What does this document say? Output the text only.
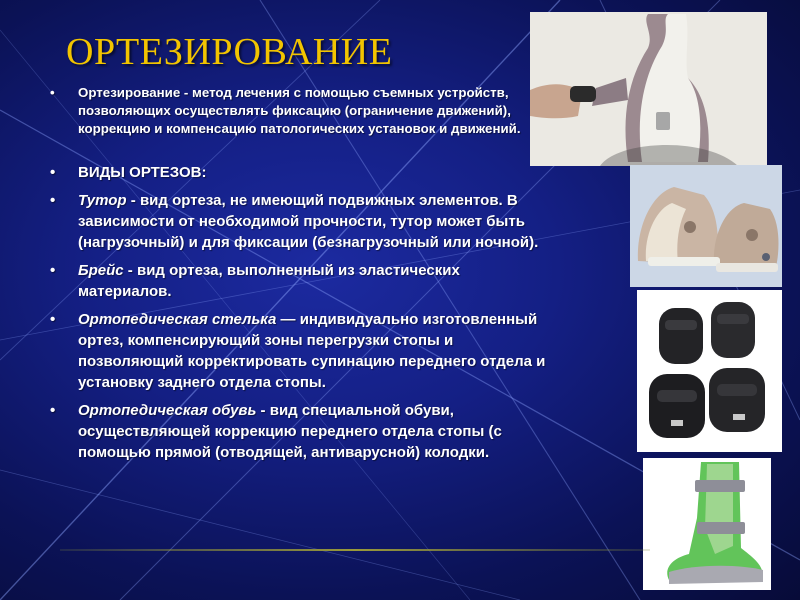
ОРТЕЗИРОВАНИЕ
• Ортезирование - метод лечения с помощью съемных устройств, позволяющих осуществлять фиксацию (ограничение движений), коррекцию и компенсацию патологических установок и движений.
• ВИДЫ ОРТЕЗОВ:
• Тутор - вид ортеза, не имеющий подвижных элементов. В зависимости от необходимой прочности, тутор может быть (нагрузочный) и для фиксации (безнагрузочный или ночной).
• Брейс - вид ортеза, выполненный из эластических материалов.
• Ортопедическая стелька — индивидуально изготовленный ортез, компенсирующий зоны перегрузки стопы и позволяющий корректировать супинацию переднего отдела и установку заднего отдела стопы.
• Ортопедическая обувь - вид специальной обуви, осуществляющей коррекцию переднего отдела стопы (с помощью прямой (отводящей, антиварусной) колодки.
